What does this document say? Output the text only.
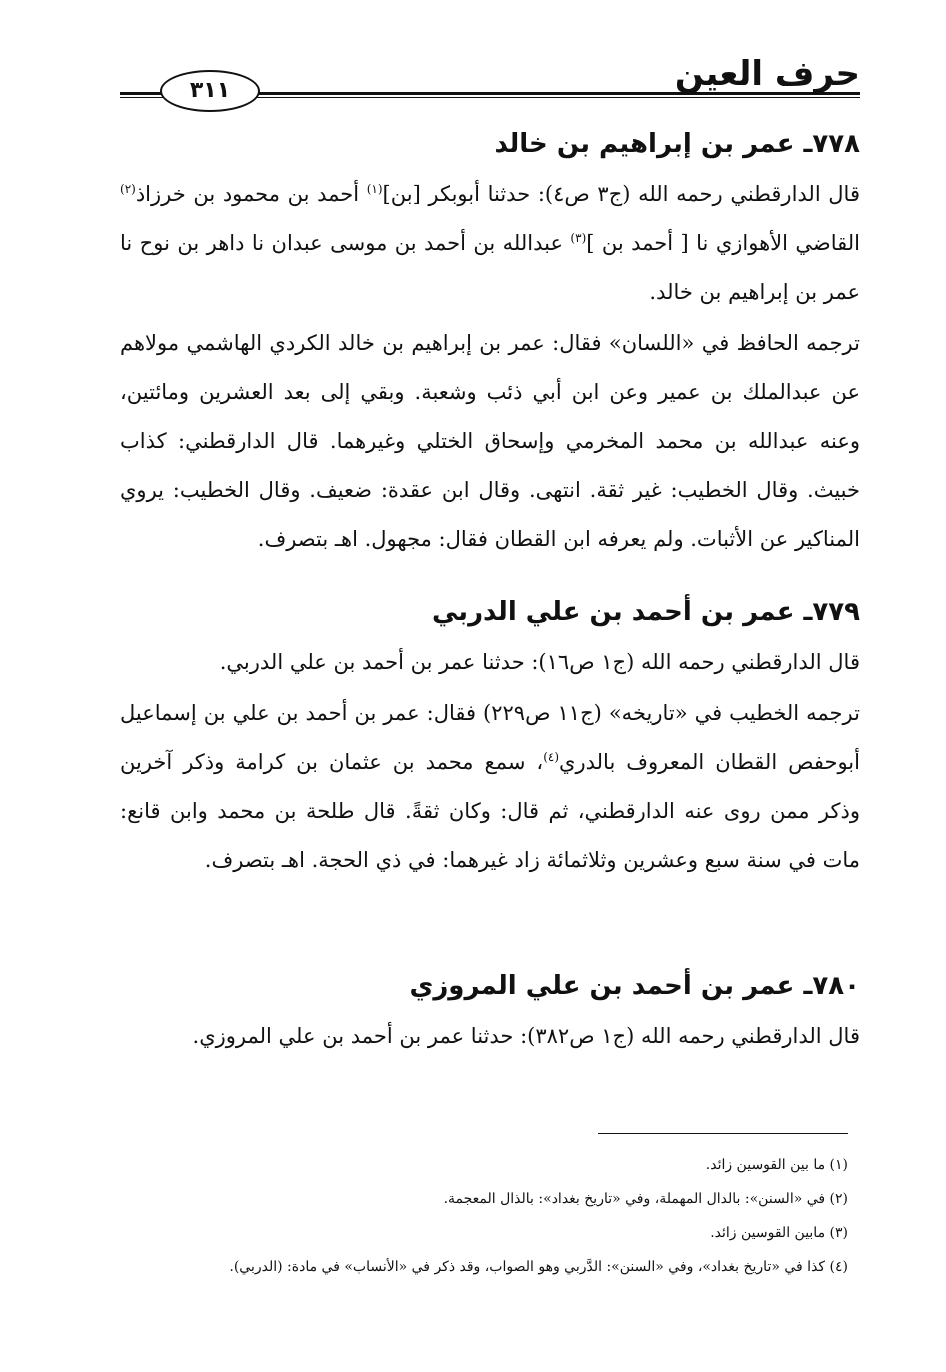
حرف العين
٣١١
٧٧٨ـ عمر بن إبراهيم بن خالد

قال الدارقطني رحمه الله (ج٣ ص٤): حدثنا أبوبكر [بن]$^{(١)}$ أحمد بن محمود بن خرزاذ$^{(٢)}$ القاضي الأهوازي نا [ أحمد بن ]$^{(٣)}$ عبدالله بن أحمد بن موسى عبدان نا داهر بن نوح نا عمر بن إبراهيم بن خالد.

ترجمه الحافظ في «اللسان» فقال: عمر بن إبراهيم بن خالد الكردي الهاشمي مولاهم عن عبدالملك بن عمير وعن ابن أبي ذئب وشعبة. وبقي إلى بعد العشرين ومائتين، وعنه عبدالله بن محمد المخرمي وإسحاق الختلي وغيرهما. قال الدارقطني: كذاب خبيث. وقال الخطيب: غير ثقة. انتهى. وقال ابن عقدة: ضعيف. وقال الخطيب: يروي المناكير عن الأثبات. ولم يعرفه ابن القطان فقال: مجهول. اهـ بتصرف.

٧٧٩ـ عمر بن أحمد بن علي الدربي

قال الدارقطني رحمه الله (ج١ ص١٦): حدثنا عمر بن أحمد بن علي الدربي.

ترجمه الخطيب في «تاريخه» (ج١١ ص٢٢٩) فقال: عمر بن أحمد بن علي بن إسماعيل أبوحفص القطان المعروف بالدري$^{(٤)}$، سمع محمد بن عثمان بن كرامة وذكر آخرين وذكر ممن روى عنه الدارقطني، ثم قال: وكان ثقةً. قال طلحة بن محمد وابن قانع: مات في سنة سبع وعشرين وثلاثمائة زاد غيرهما: في ذي الحجة. اهـ بتصرف.

٧٨٠ـ عمر بن أحمد بن علي المروزي

قال الدارقطني رحمه الله (ج١ ص٣٨٢): حدثنا عمر بن أحمد بن علي المروزي.

(١) ما بين القوسين زائد.

(٢) في «السنن»: بالدال المهملة، وفي «تاريخ بغداد»: بالذال المعجمة.

(٣) مابين القوسين زائد.

(٤) كذا في «تاريخ بغداد»، وفي «السنن»: الدَّربي وهو الصواب، وقد ذكر في «الأنساب» في مادة: (الدربي).
